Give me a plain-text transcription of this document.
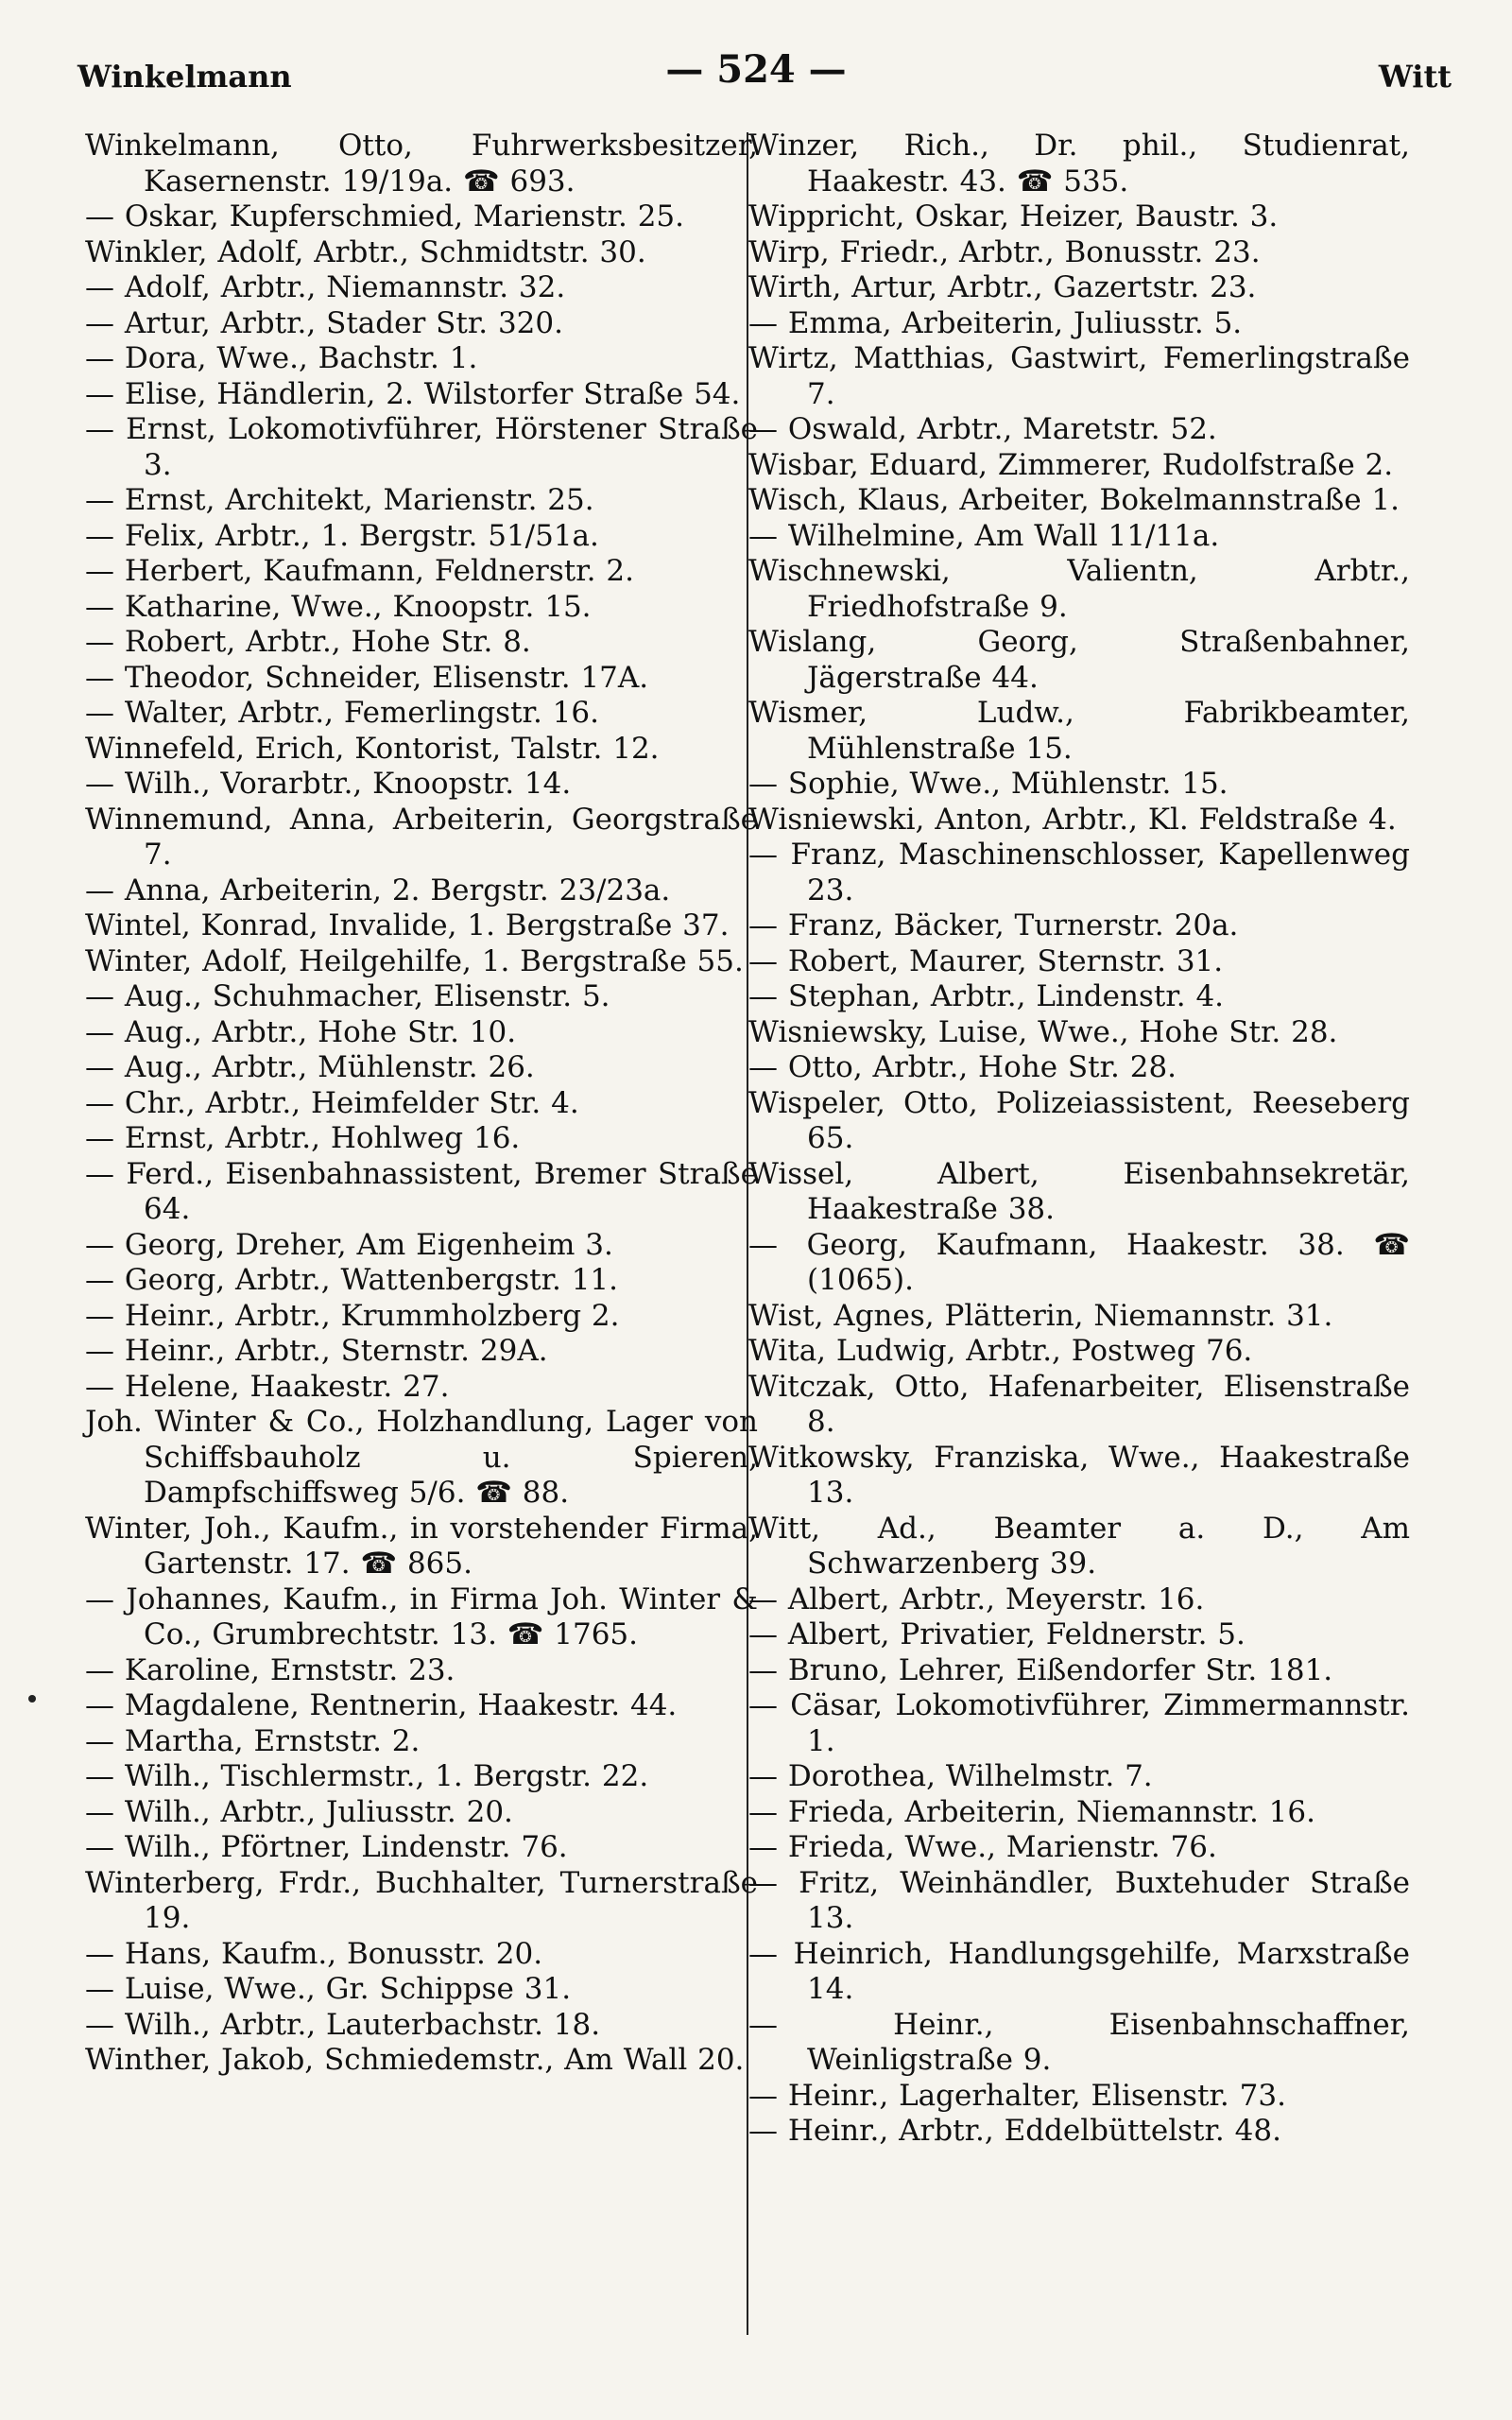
Winkelmann	— 524 —	Witt
Winkelmann, Otto, Fuhrwerksbesitzer, Kasernenstr. 19/19a. ☎ 693.
— Oskar, Kupferschmied, Marienstr. 25.
Winkler, Adolf, Arbtr., Schmidtstr. 30.
— Adolf, Arbtr., Niemannstr. 32.
— Artur, Arbtr., Stader Str. 320.
— Dora, Wwe., Bachstr. 1.
— Elise, Händlerin, 2. Wilstorfer Straße 54.
— Ernst, Lokomotivführer, Hörstener Straße 3.
— Ernst, Architekt, Marienstr. 25.
— Felix, Arbtr., 1. Bergstr. 51/51a.
— Herbert, Kaufmann, Feldnerstr. 2.
— Katharine, Wwe., Knoopstr. 15.
— Robert, Arbtr., Hohe Str. 8.
— Theodor, Schneider, Elisenstr. 17A.
— Walter, Arbtr., Femerlingstr. 16.
Winnefeld, Erich, Kontorist, Talstr. 12.
— Wilh., Vorarbtr., Knoopstr. 14.
Winnemund, Anna, Arbeiterin, Georgstraße 7.
— Anna, Arbeiterin, 2. Bergstr. 23/23a.
Wintel, Konrad, Invalide, 1. Bergstraße 37.
Winter, Adolf, Heilgehilfe, 1. Bergstraße 55.
— Aug., Schuhmacher, Elisenstr. 5.
— Aug., Arbtr., Hohe Str. 10.
— Aug., Arbtr., Mühlenstr. 26.
— Chr., Arbtr., Heimfelder Str. 4.
— Ernst, Arbtr., Hohlweg 16.
— Ferd., Eisenbahnassistent, Bremer Straße 64.
— Georg, Dreher, Am Eigenheim 3.
— Georg, Arbtr., Wattenbergstr. 11.
— Heinr., Arbtr., Krummholzberg 2.
— Heinr., Arbtr., Sternstr. 29A.
— Helene, Haakestr. 27.
Joh. Winter & Co., Holzhandlung, Lager von Schiffsbauholz u. Spieren, Dampfschiffsweg 5/6. ☎ 88.
Winter, Joh., Kaufm., in vorstehender Firma, Gartenstr. 17. ☎ 865.
— Johannes, Kaufm., in Firma Joh. Winter & Co., Grumbrechtstr. 13. ☎ 1765.
— Karoline, Ernststr. 23.
— Magdalene, Rentnerin, Haakestr. 44.
— Martha, Ernststr. 2.
— Wilh., Tischlermstr., 1. Bergstr. 22.
— Wilh., Arbtr., Juliusstr. 20.
— Wilh., Pförtner, Lindenstr. 76.
Winterberg, Frdr., Buchhalter, Turnerstraße 19.
— Hans, Kaufm., Bonusstr. 20.
— Luise, Wwe., Gr. Schippse 31.
— Wilh., Arbtr., Lauterbachstr. 18.
Winther, Jakob, Schmiedemstr., Am Wall 20.
Winzer, Rich., Dr. phil., Studienrat, Haakestr. 43. ☎ 535.
Wippricht, Oskar, Heizer, Baustr. 3.
Wirp, Friedr., Arbtr., Bonusstr. 23.
Wirth, Artur, Arbtr., Gazertstr. 23.
— Emma, Arbeiterin, Juliusstr. 5.
Wirtz, Matthias, Gastwirt, Femerlingstraße 7.
— Oswald, Arbtr., Maretstr. 52.
Wisbar, Eduard, Zimmerer, Rudolfstraße 2.
Wisch, Klaus, Arbeiter, Bokelmannstraße 1.
— Wilhelmine, Am Wall 11/11a.
Wischnewski, Valientn, Arbtr., Friedhofstraße 9.
Wislang, Georg, Straßenbahner, Jägerstraße 44.
Wismer, Ludw., Fabrikbeamter, Mühlenstraße 15.
— Sophie, Wwe., Mühlenstr. 15.
Wisniewski, Anton, Arbtr., Kl. Feldstraße 4.
— Franz, Maschinenschlosser, Kapellenweg 23.
— Franz, Bäcker, Turnerstr. 20a.
— Robert, Maurer, Sternstr. 31.
— Stephan, Arbtr., Lindenstr. 4.
Wisniewsky, Luise, Wwe., Hohe Str. 28.
— Otto, Arbtr., Hohe Str. 28.
Wispeler, Otto, Polizeiassistent, Reeseberg 65.
Wissel, Albert, Eisenbahnsekretär, Haakestraße 38.
— Georg, Kaufmann, Haakestr. 38. ☎ (1065).
Wist, Agnes, Plätterin, Niemannstr. 31.
Wita, Ludwig, Arbtr., Postweg 76.
Witczak, Otto, Hafenarbeiter, Elisenstraße 8.
Witkowsky, Franziska, Wwe., Haakestraße 13.
Witt, Ad., Beamter a. D., Am Schwarzenberg 39.
— Albert, Arbtr., Meyerstr. 16.
— Albert, Privatier, Feldnerstr. 5.
— Bruno, Lehrer, Eißendorfer Str. 181.
— Cäsar, Lokomotivführer, Zimmermannstr. 1.
— Dorothea, Wilhelmstr. 7.
— Frieda, Arbeiterin, Niemannstr. 16.
— Frieda, Wwe., Marienstr. 76.
— Fritz, Weinhändler, Buxtehuder Straße 13.
— Heinrich, Handlungsgehilfe, Marxstraße 14.
— Heinr., Eisenbahnschaffner, Weinligstraße 9.
— Heinr., Lagerhalter, Elisenstr. 73.
— Heinr., Arbtr., Eddelbüttelstr. 48.
